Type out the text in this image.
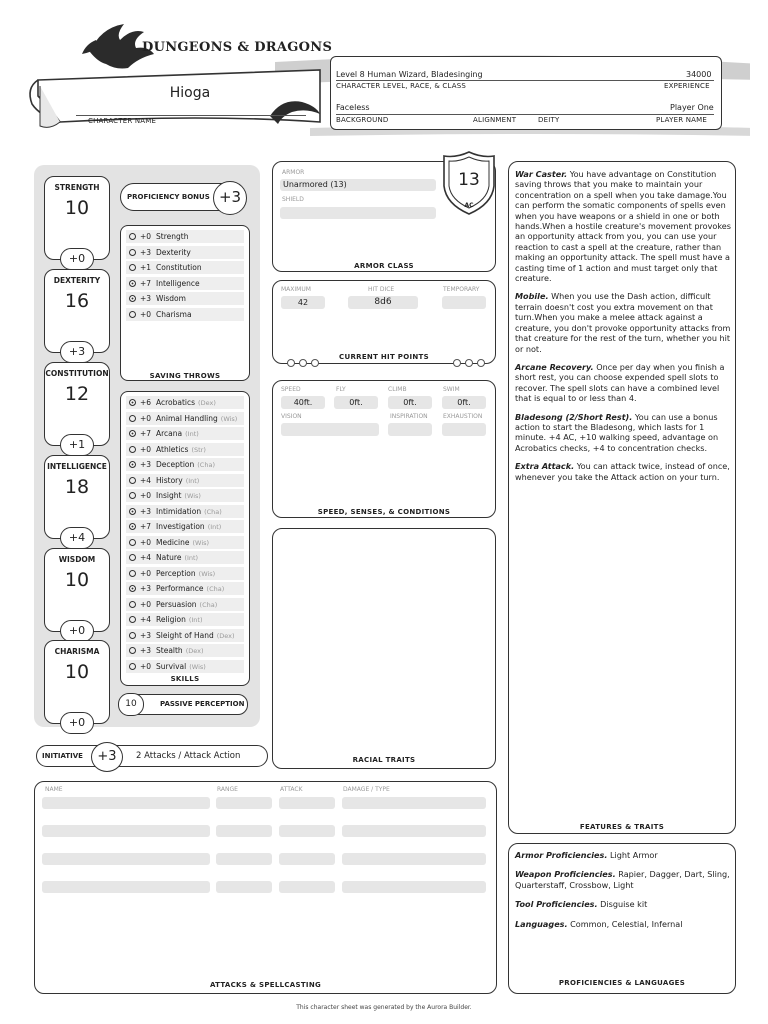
DUNGEONS & DRAGONS
Hioga
CHARACTER NAME
Level 8 Human Wizard, Bladesinging	34000
CHARACTER LEVEL, RACE, & CLASS	EXPERIENCE
Faceless	Player One
BACKGROUND	ALIGNMENT	DEITY	PLAYER NAME
STRENGTH
10
+0
DEXTERITY
16
+3
CONSTITUTION
12
+1
INTELLIGENCE
18
+4
WISDOM
10
+0
CHARISMA
10
+0
PROFICIENCY BONUS +3
+0 Strength
+3 Dexterity
+1 Constitution
+7 Intelligence
+3 Wisdom
+0 Charisma
SAVING THROWS
+6 Acrobatics (Dex)
+0 Animal Handling (Wis)
+7 Arcana (Int)
+0 Athletics (Str)
+3 Deception (Cha)
+4 History (Int)
+0 Insight (Wis)
+3 Intimidation (Cha)
+7 Investigation (Int)
+0 Medicine (Wis)
+4 Nature (Int)
+0 Perception (Wis)
+3 Performance (Cha)
+0 Persuasion (Cha)
+4 Religion (Int)
+3 Sleight of Hand (Dex)
+3 Stealth (Dex)
+0 Survival (Wis)
SKILLS
10	PASSIVE PERCEPTION
INITIATIVE	+3	2 Attacks / Attack Action
ARMOR
Unarmored (13)
SHIELD
13
AC
ARMOR CLASS
MAXIMUM	HIT DICE	TEMPORARY
42	8d6
CURRENT HIT POINTS
SPEED	FLY	CLIMB	SWIM
40ft.	0ft.	0ft.	0ft.
VISION	INSPIRATION	EXHAUSTION
SPEED, SENSES, & CONDITIONS
RACIAL TRAITS
NAME	RANGE	ATTACK	DAMAGE / TYPE
ATTACKS & SPELLCASTING

War Caster. You have advantage on Constitution saving throws that you make to maintain your concentration on a spell when you take damage.You can perform the somatic components of spells even when you have weapons or a shield in one or both hands.When a hostile creature's movement provokes an opportunity attack from you, you can use your reaction to cast a spell at the creature, rather than making an opportunity attack. The spell must have a casting time of 1 action and must target only that creature.

Mobile. When you use the Dash action, difficult terrain doesn't cost you extra movement on that turn.When you make a melee attack against a creature, you don't provoke opportunity attacks from that creature for the rest of the turn, whether you hit or not.

Arcane Recovery. Once per day when you finish a short rest, you can choose expended spell slots to recover. The spell slots can have a combined level that is equal to or less than 4.

Bladesong (2/Short Rest). You can use a bonus action to start the Bladesong, which lasts for 1 minute. +4 AC, +10 walking speed, advantage on Acrobatics checks, +4 to concentration checks.

Extra Attack. You can attack twice, instead of once, whenever you take the Attack action on your turn.

FEATURES & TRAITS

Armor Proficiencies. Light Armor

Weapon Proficiencies. Rapier, Dagger, Dart, Sling, Quarterstaff, Crossbow, Light

Tool Proficiencies. Disguise kit

Languages. Common, Celestial, Infernal

PROFICIENCIES & LANGUAGES
This character sheet was generated by the Aurora Builder.
